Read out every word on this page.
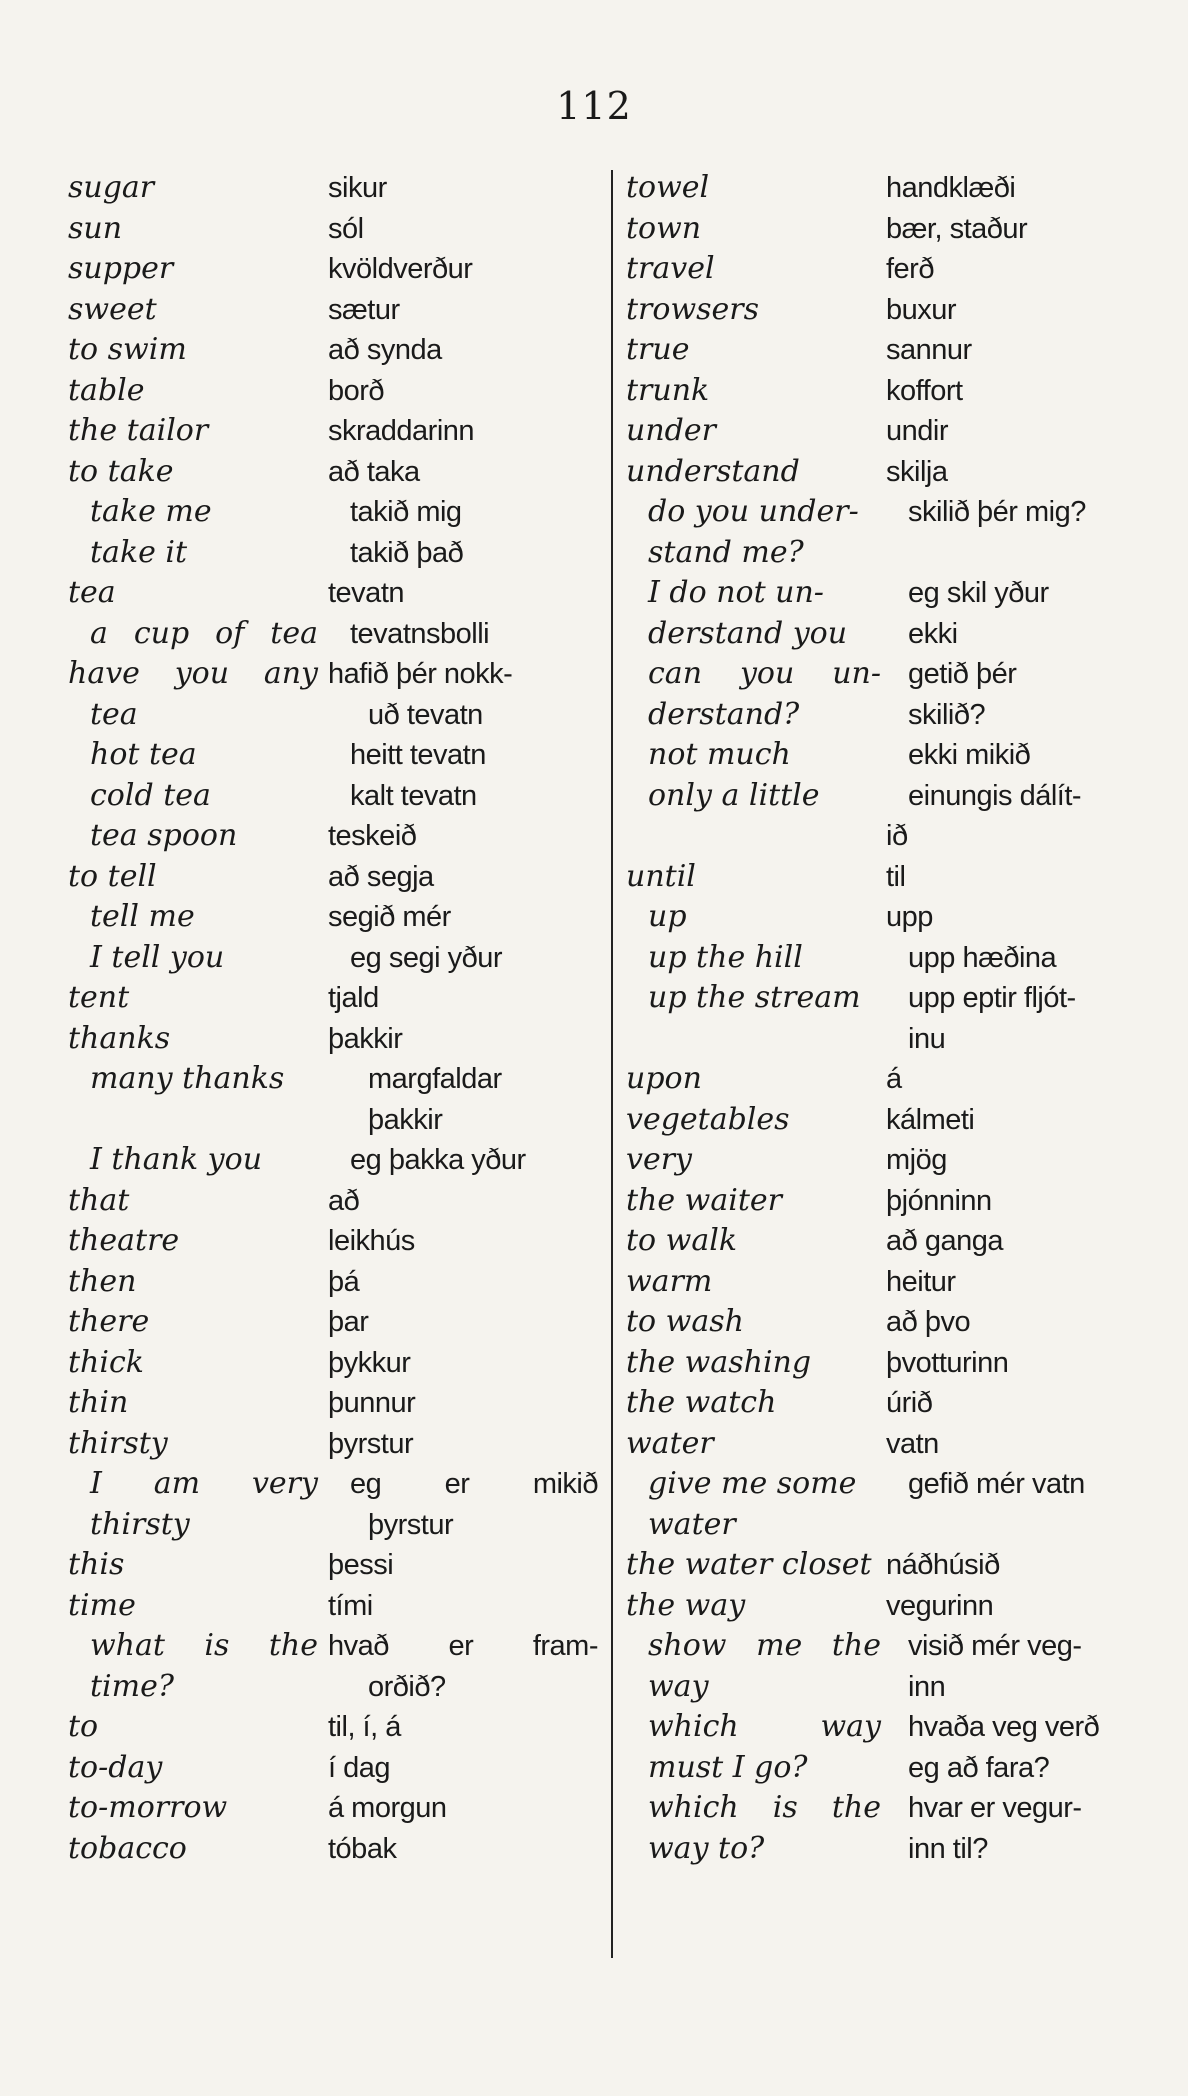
112
sugar
sun
supper
sweet
to swim
table
the tailor
to take
take me
take it
tea
a cup of tea
have you any
tea
hot tea
cold tea
tea spoon
to tell
tell me
I tell you
tent
thanks
many thanks
I thank you
that
theatre
then
there
thick
thin
thirsty
I am very
thirsty
this
time
what is the
time?
to
to-day
to-morrow
tobacco
sikur
sól
kvöldverður
sætur
að synda
borð
skraddarinn
að taka
takið mig
takið það
tevatn
tevatnsbolli
hafið þér nokk-
uð tevatn
heitt tevatn
kalt tevatn
teskeið
að segja
segið mér
eg segi yður
tjald
þakkir
margfaldar
þakkir
eg þakka yður
að
leikhús
þá
þar
þykkur
þunnur
þyrstur
eg er mikið
þyrstur
þessi
tími
hvað er fram-
orðið?
til, í, á
í dag
á morgun
tóbak
towel
town
travel
trowsers
true
trunk
under
understand
do you under-
stand me?
I do not un-
derstand you
can you un-
derstand?
not much
only a little
until
up
up the hill
up the stream
upon
vegetables
very
the waiter
to walk
warm
to wash
the washing
the watch
water
give me some
water
the water closet
the way
show me the
way
which	way
must I go?
which is the
way to?
handklæði
bær, staður
ferð
buxur
sannur
koffort
undir
skilja
skilið þér mig?
eg skil yður
ekki
getið þér
skilið?
ekki mikið
einungis dálít-
ið
til
upp
upp hæðina
upp eptir fljót-
inu
á
kálmeti
mjög
þjónninn
að ganga
heitur
að þvo
þvotturinn
úrið
vatn
gefið mér vatn
náðhúsið
vegurinn
visið mér veg-
inn
hvaða veg verð
eg að fara?
hvar er vegur-
inn til?
